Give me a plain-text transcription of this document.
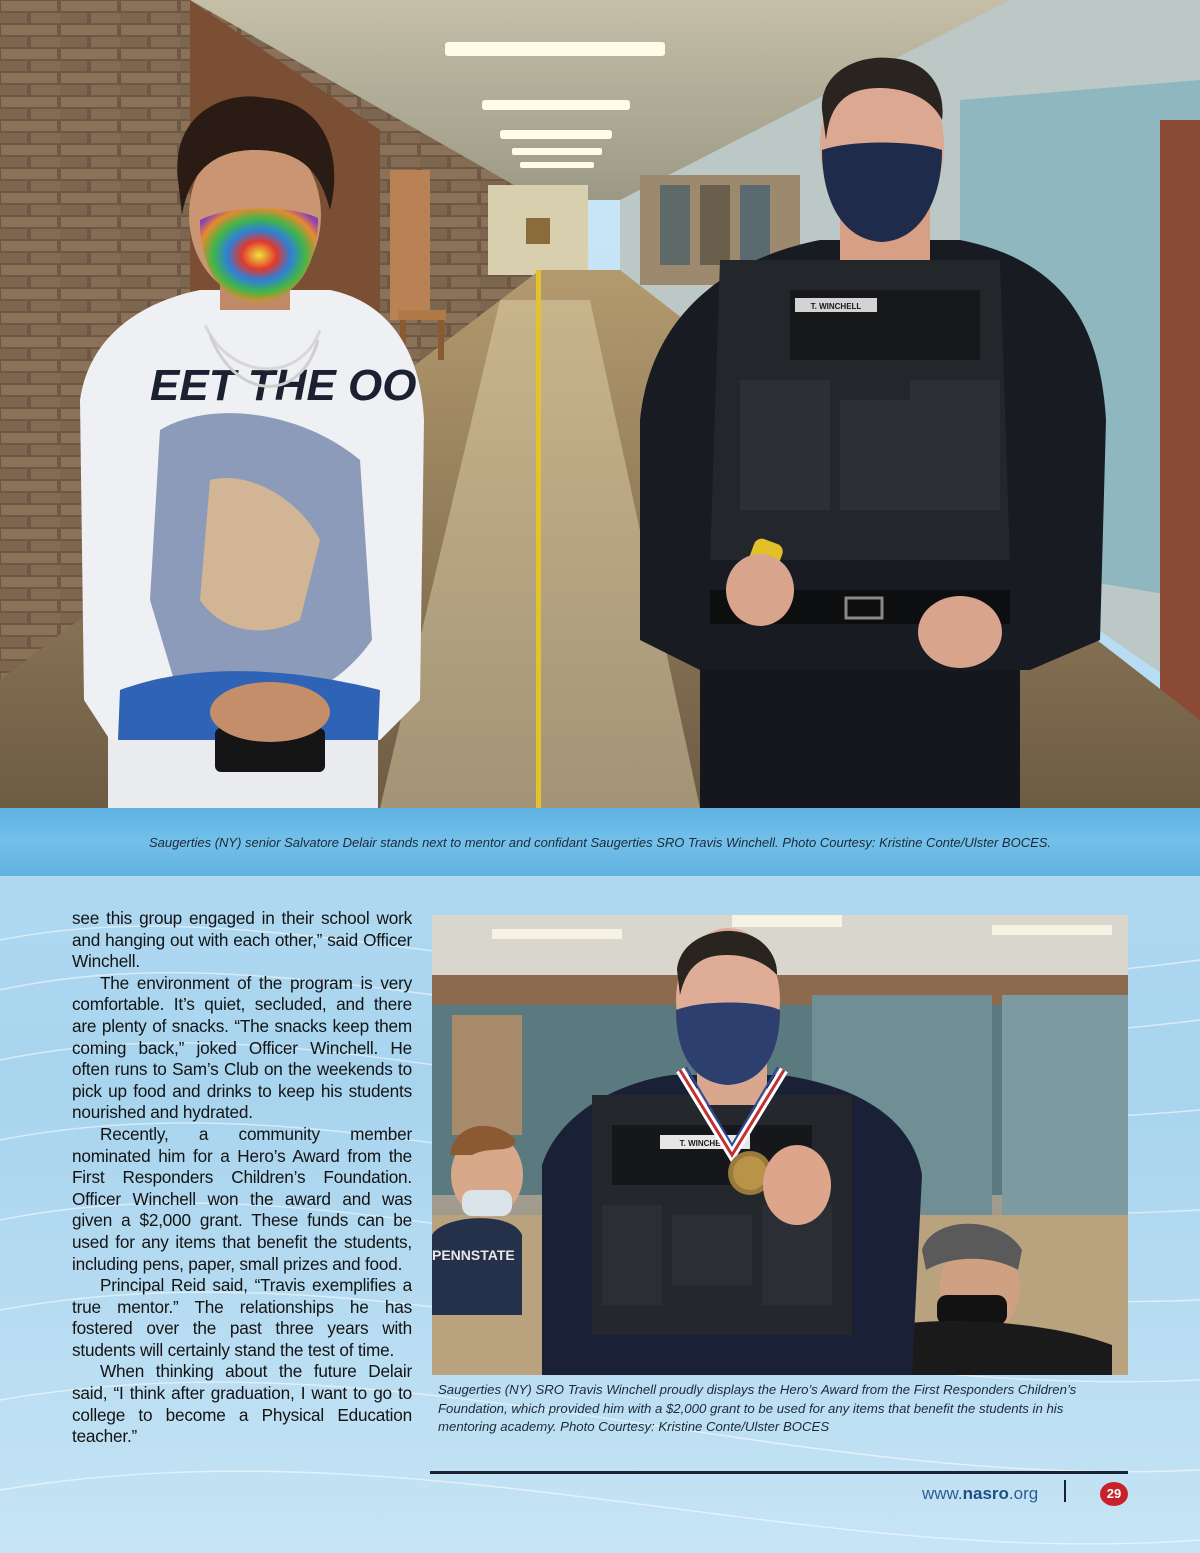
EET THE OO
T. WINCHELL
Saugerties (NY) senior Salvatore Delair stands next to mentor and confidant Saugerties SRO Travis Winchell. Photo Courtesy: Kristine Conte/Ulster BOCES.

see this group engaged in their school work and hanging out with each other,” said Officer Winchell.

The environment of the program is very comfortable. It’s quiet, secluded, and there are plenty of snacks. “The snacks keep them coming back,” joked Officer Winchell. He often runs to Sam’s Club on the weekends to pick up food and drinks to keep his students nourished and hydrated.

Recently, a community member nominated him for a Hero’s Award from the First Responders Children’s Foundation. Officer Winchell won the award and was given a $2,000 grant. These funds can be used for any items that benefit the students, including pens, paper, small prizes and food.

Principal Reid said, “Travis exemplifies a true mentor.” The relationships he has fostered over the past three years with students will certainly stand the test of time.

When thinking about the future Delair said, “I think after graduation, I want to go to college to become a Physical Education teacher.”

PENNSTATE
T. WINCHELL
Saugerties (NY) SRO Travis Winchell proudly displays the Hero’s Award from the First Responders Children’s Foundation, which provided him with a $2,000 grant to be used for any items that benefit the students in his mentoring academy. Photo Courtesy: Kristine Conte/Ulster BOCES
www.nasro.org	29
